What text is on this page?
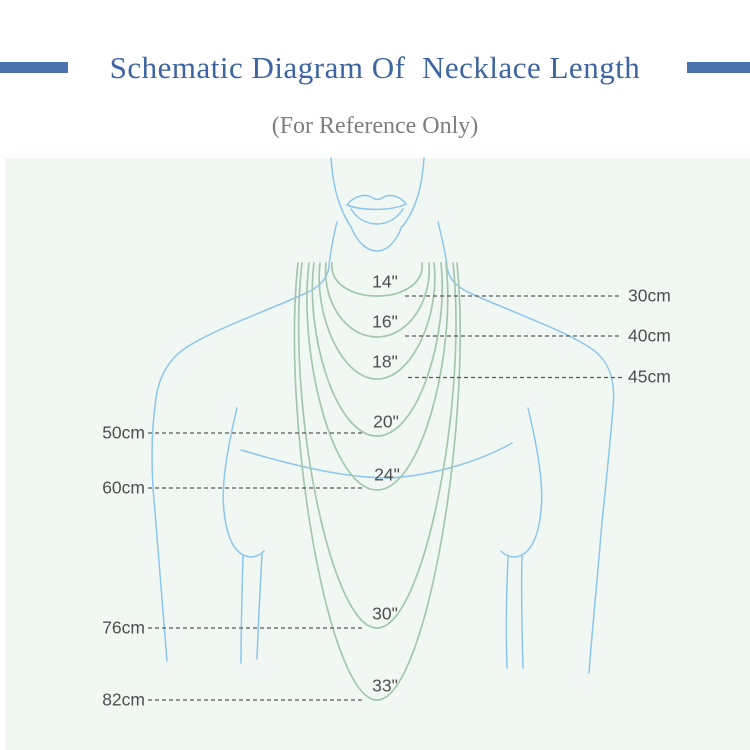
Schematic Diagram Of  Necklace Length
(For Reference Only)
14"
16"
18"
20"
24"
30"
33"
30cm
40cm
45cm
50cm
60cm
76cm
82cm
